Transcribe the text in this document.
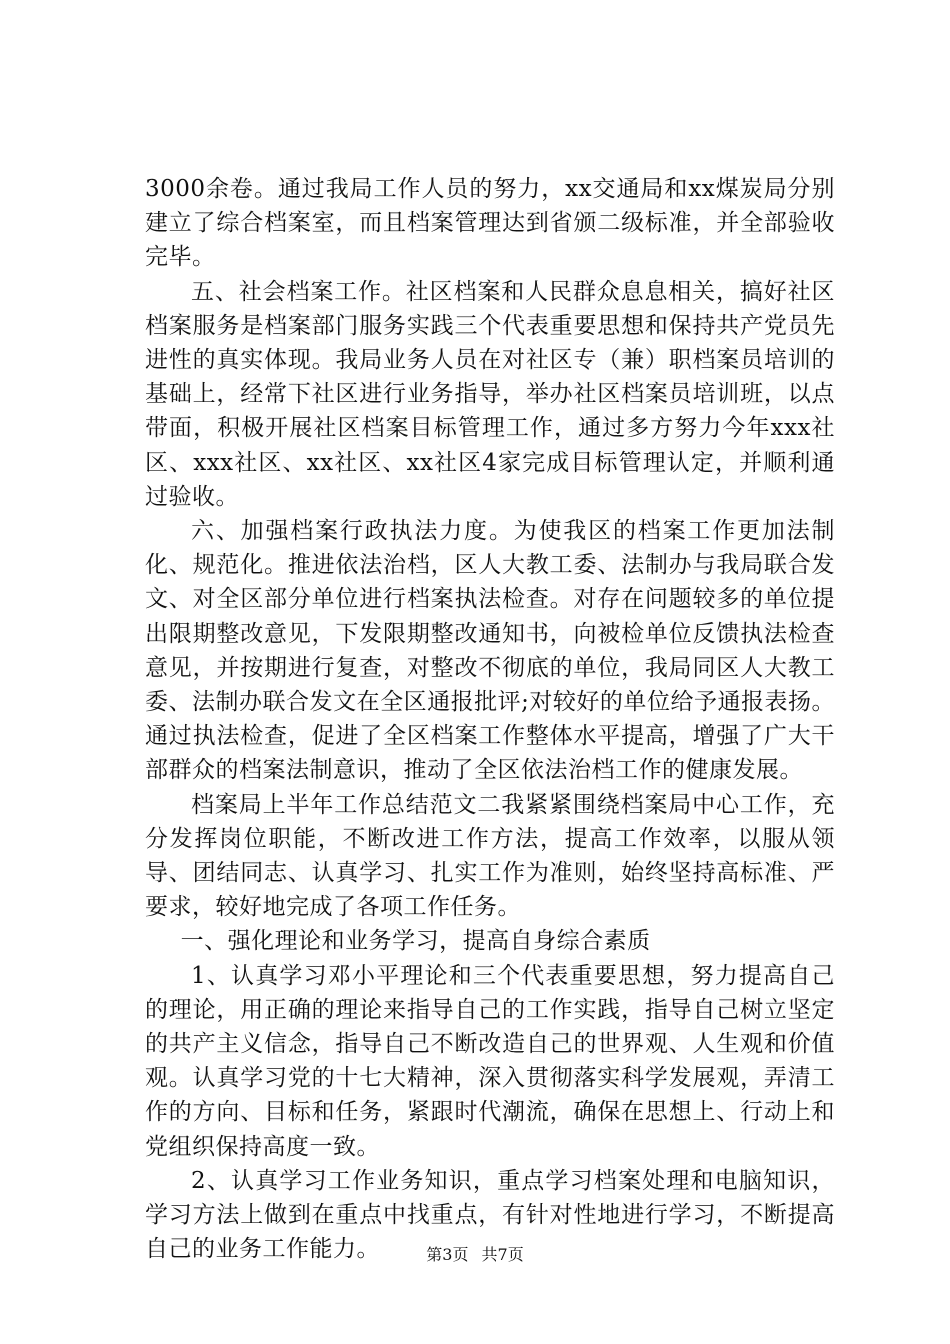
3000余卷。通过我局工作人员的努力，xx交通局和xx煤炭局分别建立了综合档案室，而且档案管理达到省颁二级标准，并全部验收完毕。

五、社会档案工作。社区档案和人民群众息息相关，搞好社区档案服务是档案部门服务实践三个代表重要思想和保持共产党员先进性的真实体现。我局业务人员在对社区专（兼）职档案员培训的基础上，经常下社区进行业务指导，举办社区档案员培训班，以点带面，积极开展社区档案目标管理工作，通过多方努力今年xxx社区、xxx社区、xx社区、xx社区4家完成目标管理认定，并顺利通过验收。

六、加强档案行政执法力度。为使我区的档案工作更加法制化、规范化。推进依法治档，区人大教工委、法制办与我局联合发文、对全区部分单位进行档案执法检查。对存在问题较多的单位提出限期整改意见，下发限期整改通知书，向被检单位反馈执法检查意见，并按期进行复查，对整改不彻底的单位，我局同区人大教工委、法制办联合发文在全区通报批评;对较好的单位给予通报表扬。通过执法检查，促进了全区档案工作整体水平提高，增强了广大干部群众的档案法制意识，推动了全区依法治档工作的健康发展。

档案局上半年工作总结范文二我紧紧围绕档案局中心工作，充分发挥岗位职能，不断改进工作方法，提高工作效率，以服从领导、团结同志、认真学习、扎实工作为准则，始终坚持高标准、严要求，较好地完成了各项工作任务。

一、强化理论和业务学习，提高自身综合素质

1、认真学习邓小平理论和三个代表重要思想，努力提高自己的理论，用正确的理论来指导自己的工作实践，指导自己树立坚定的共产主义信念，指导自己不断改造自己的世界观、人生观和价值观。认真学习党的十七大精神，深入贯彻落实科学发展观，弄清工作的方向、目标和任务，紧跟时代潮流，确保在思想上、行动上和党组织保持高度一致。

2、认真学习工作业务知识，重点学习档案处理和电脑知识，学习方法上做到在重点中找重点，有针对性地进行学习，不断提高自己的业务工作能力。	第3页 共7页
